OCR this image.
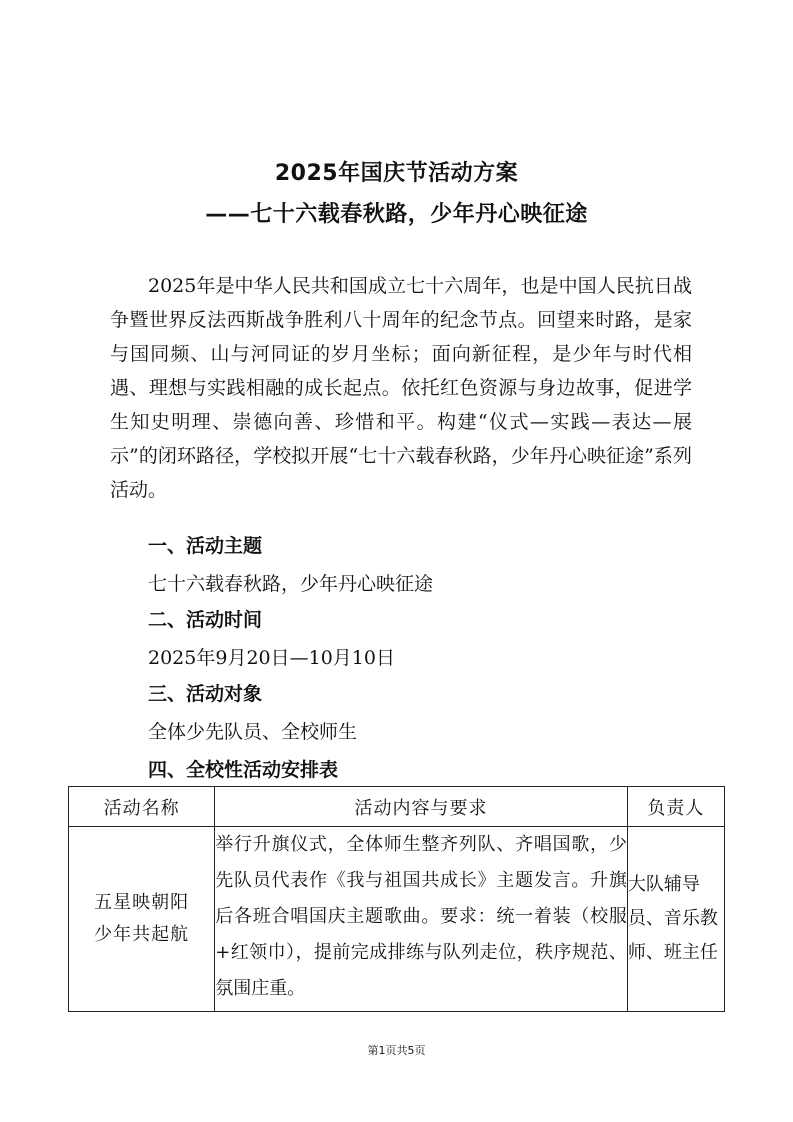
2025年国庆节活动方案
——七十六载春秋路，少年丹心映征途

2025年是中华人民共和国成立七十六周年，也是中国人民抗日战争暨世界反法西斯战争胜利八十周年的纪念节点。回望来时路，是家与国同频、山与河同证的岁月坐标；面向新征程，是少年与时代相遇、理想与实践相融的成长起点。依托红色资源与身边故事，促进学生知史明理、崇德向善、珍惜和平。构建“仪式—实践—表达—展示”的闭环路径，学校拟开展“七十六载春秋路，少年丹心映征途”系列活动。

一、活动主题
七十六载春秋路，少年丹心映征途
二、活动时间
2025年9月20日—10月10日
三、活动对象
全体少先队员、全校师生
四、全校性活动安排表
活动名称	活动内容与要求	负责人

五星映朝阳
少年共起航	举行升旗仪式，全体师生整齐列队、齐唱国歌，少先队员代表作《我与祖国共成长》主题发言。升旗后各班合唱国庆主题歌曲。要求：统一着装（校服+红领巾），提前完成排练与队列走位，秩序规范、氛围庄重。	大队辅导员、音乐教师、班主任
第1页共5页
